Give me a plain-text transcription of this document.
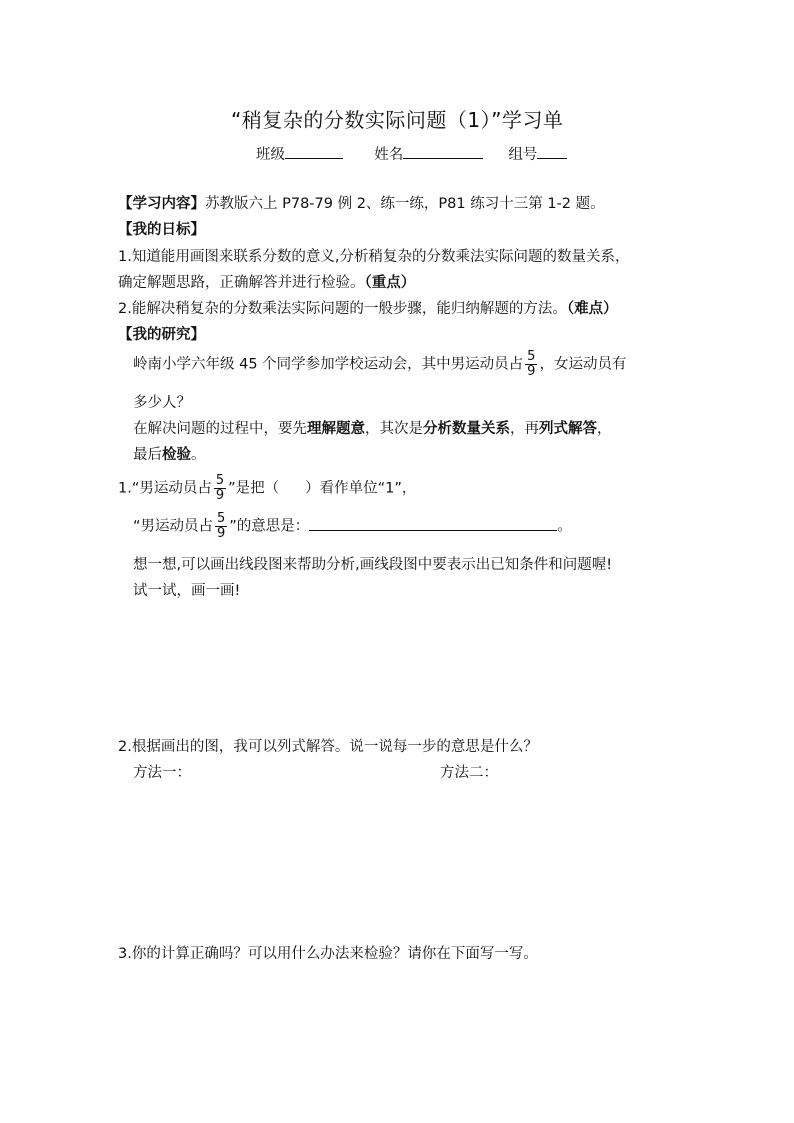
“稍复杂的分数实际问题（1）”学习单
班级	姓名	组号
【学习内容】苏教版六上 P78-79 例 2、练一练，P81 练习十三第 1-2 题。
【我的日标】
1.知道能用画图来联系分数的意义,分析稍复杂的分数乘法实际问题的数量关系，
确定解题思路，正确解答并进行检验。（重点）
2.能解决稍复杂的分数乘法实际问题的一般步骤，能归纳解题的方法。（难点）
【我的研究】
岭南小学六年级 45 个同学参加学校运动会，其中男运动员占 $\frac{5}{9}$ ，女运动员有
多少人？
在解决问题的过程中，要先理解题意，其次是分析数量关系，再列式解答，
最后检验。
1.“男运动员占 $\frac{5}{9}$ ”是把（ ）看作单位“1”，
“男运动员占 $\frac{5}{9}$ ”的意思是：	。
想一想,可以画出线段图来帮助分析,画线段图中要表示出已知条件和问题喔!
试一试，画一画!
2.根据画出的图，我可以列式解答。说一说每一步的意思是什么？
方法一：	方法二：
3.你的计算正确吗？可以用什么办法来检验？请你在下面写一写。
